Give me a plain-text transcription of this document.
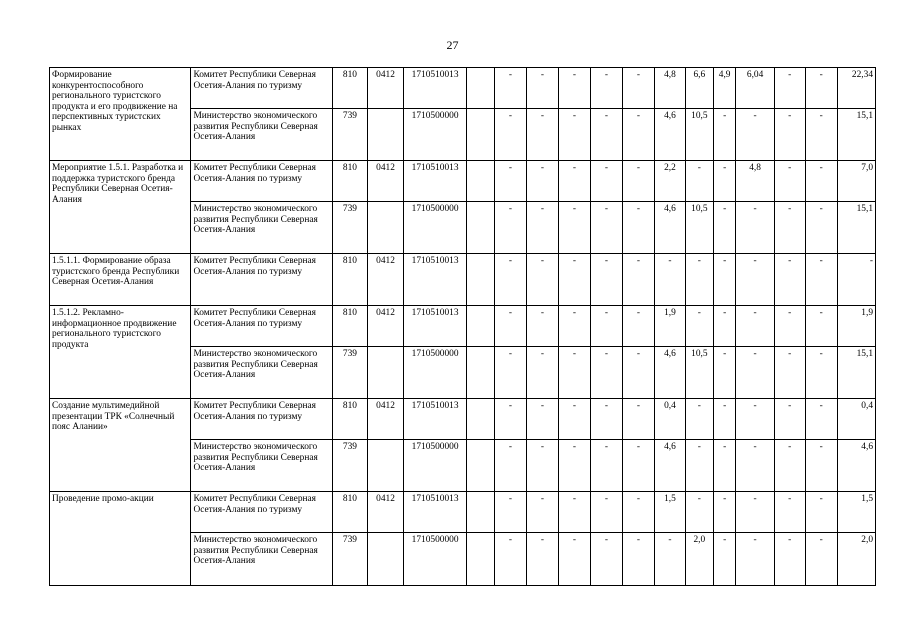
27
Формирование конкурентоспособного регионального туристского продукта и его продвижение на перспективных туристских рынках	Комитет Республики Северная Осетия-Алания по туризму	810	0412	1710510013		-	-	-	-	-	4,8	6,6	4,9	6,04	-	-	22,34
	Министерство экономического развития Республики Северная Осетия-Алания	739		1710500000		-	-	-	-	-	4,6	10,5	-	-	-	-	15,1
Мероприятие 1.5.1. Разработка и поддержка туристского бренда Республики Северная Осетия-Алания	Комитет Республики Северная Осетия-Алания по туризму	810	0412	1710510013		-	-	-	-	-	2,2	-	-	4,8	-	-	7,0
	Министерство экономического развития Республики Северная Осетия-Алания	739		1710500000		-	-	-	-	-	4,6	10,5	-	-	-	-	15,1
1.5.1.1. Формирование образа туристского бренда Республики Северная Осетия-Алания	Комитет Республики Северная Осетия-Алания по туризму	810	0412	1710510013		-	-	-	-	-	-	-	-	-	-	-	-
1.5.1.2. Рекламно-информационное продвижение регионального туристского продукта	Комитет Республики Северная Осетия-Алания по туризму	810	0412	1710510013		-	-	-	-	-	1,9	-	-	-	-	-	1,9
	Министерство экономического развития Республики Северная Осетия-Алания	739		1710500000		-	-	-	-	-	4,6	10,5	-	-	-	-	15,1
Создание мультимедийной презентации ТРК «Солнечный пояс Алании»	Комитет Республики Северная Осетия-Алания по туризму	810	0412	1710510013		-	-	-	-	-	0,4	-	-	-	-	-	0,4
	Министерство экономического развития Республики Северная Осетия-Алания	739		1710500000		-	-	-	-	-	4,6	-	-	-	-	-	4,6
Проведение промо-акции	Комитет Республики Северная Осетия-Алания по туризму	810	0412	1710510013		-	-	-	-	-	1,5	-	-	-	-	-	1,5
	Министерство экономического развития Республики Северная Осетия-Алания	739		1710500000		-	-	-	-	-	-	2,0	-	-	-	-	2,0
